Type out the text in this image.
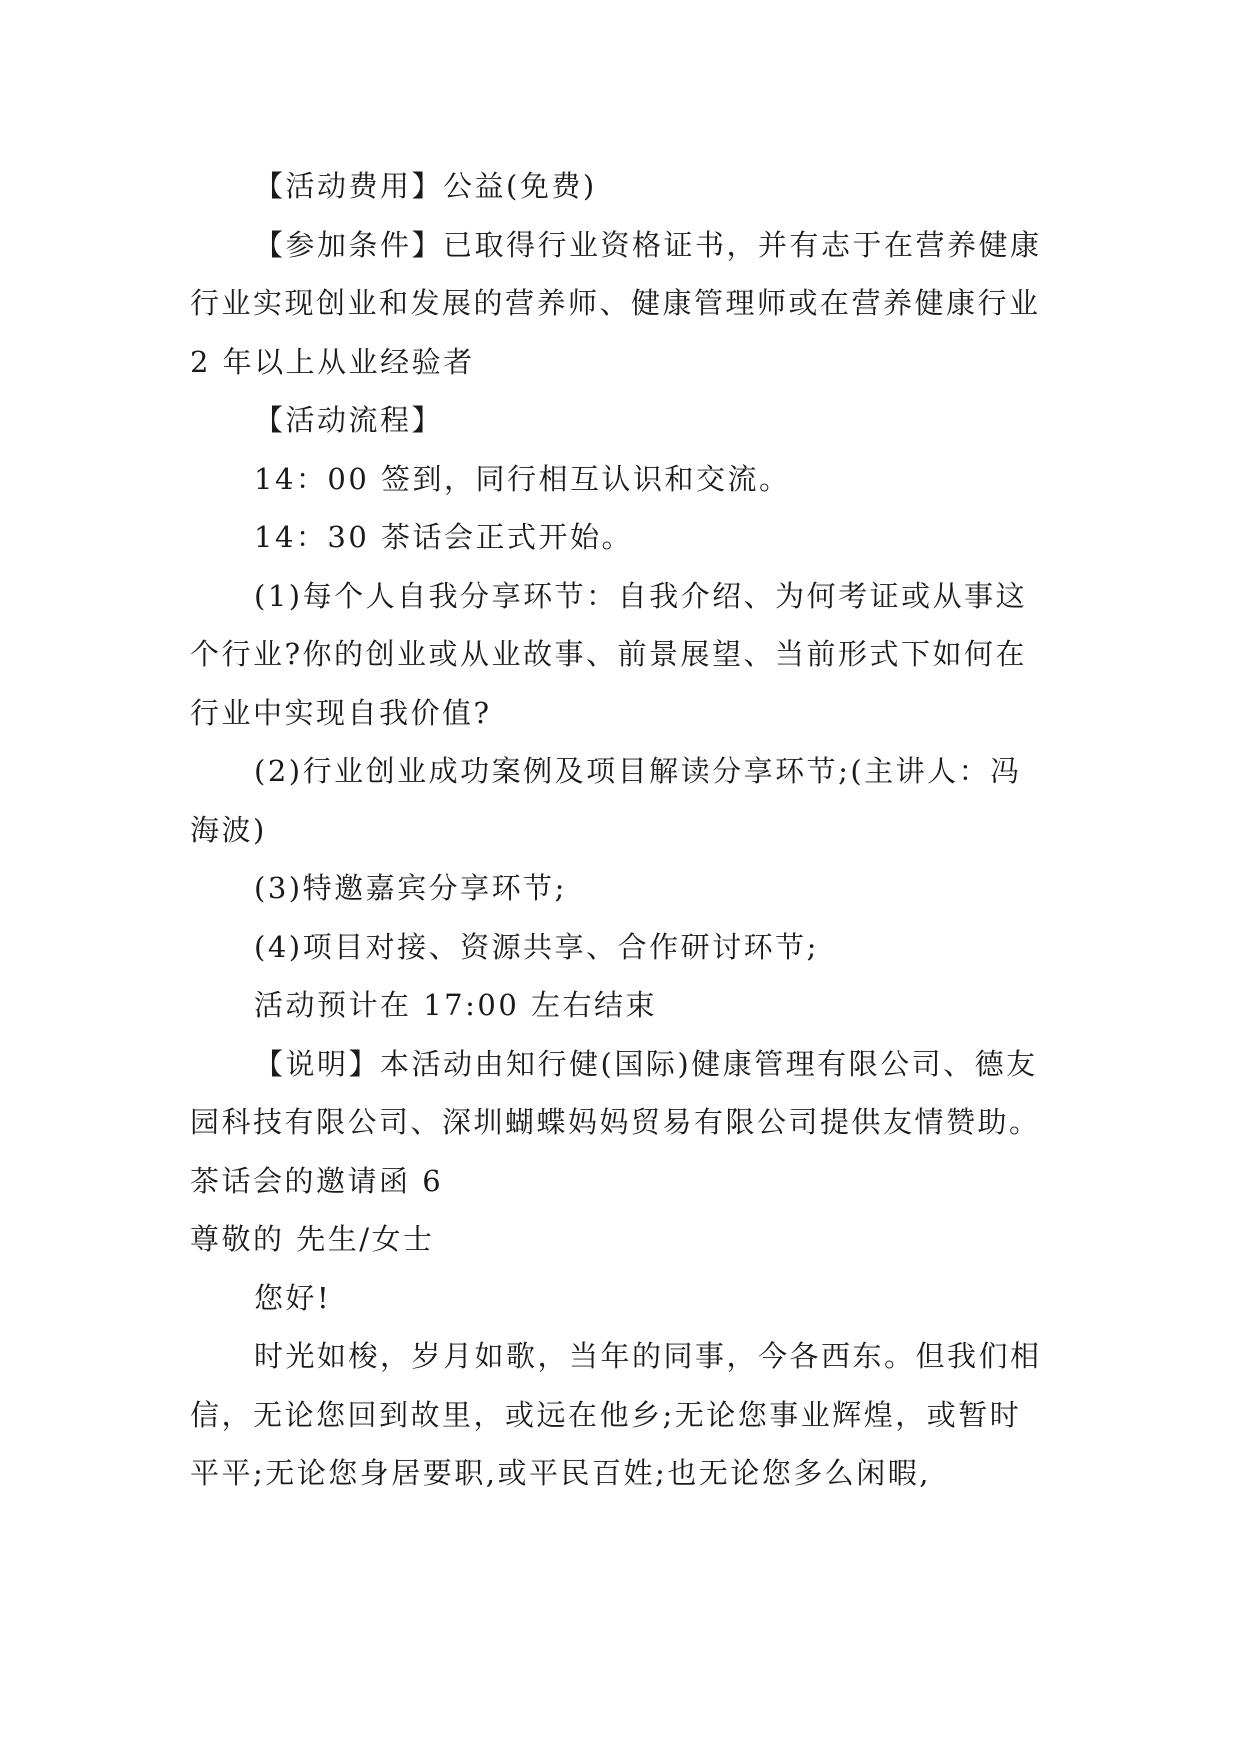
【活动费用】公益(免费)

【参加条件】已取得行业资格证书，并有志于在营养健康行业实现创业和发展的营养师、健康管理师或在营养健康行业 2 年以上从业经验者

【活动流程】

14：00 签到，同行相互认识和交流。

14：30 茶话会正式开始。

(1)每个人自我分享环节：自我介绍、为何考证或从事这个行业?你的创业或从业故事、前景展望、当前形式下如何在行业中实现自我价值?

(2)行业创业成功案例及项目解读分享环节;(主讲人：冯海波)

(3)特邀嘉宾分享环节;

(4)项目对接、资源共享、合作研讨环节;

活动预计在 17:00 左右结束

【说明】本活动由知行健(国际)健康管理有限公司、德友园科技有限公司、深圳蝴蝶妈妈贸易有限公司提供友情赞助。

茶话会的邀请函 6

尊敬的 先生/女士

您好!

时光如梭，岁月如歌，当年的同事，今各西东。但我们相信，无论您回到故里，或远在他乡;无论您事业辉煌，或暂时平平;无论您身居要职,或平民百姓;也无论您多么闲暇,
